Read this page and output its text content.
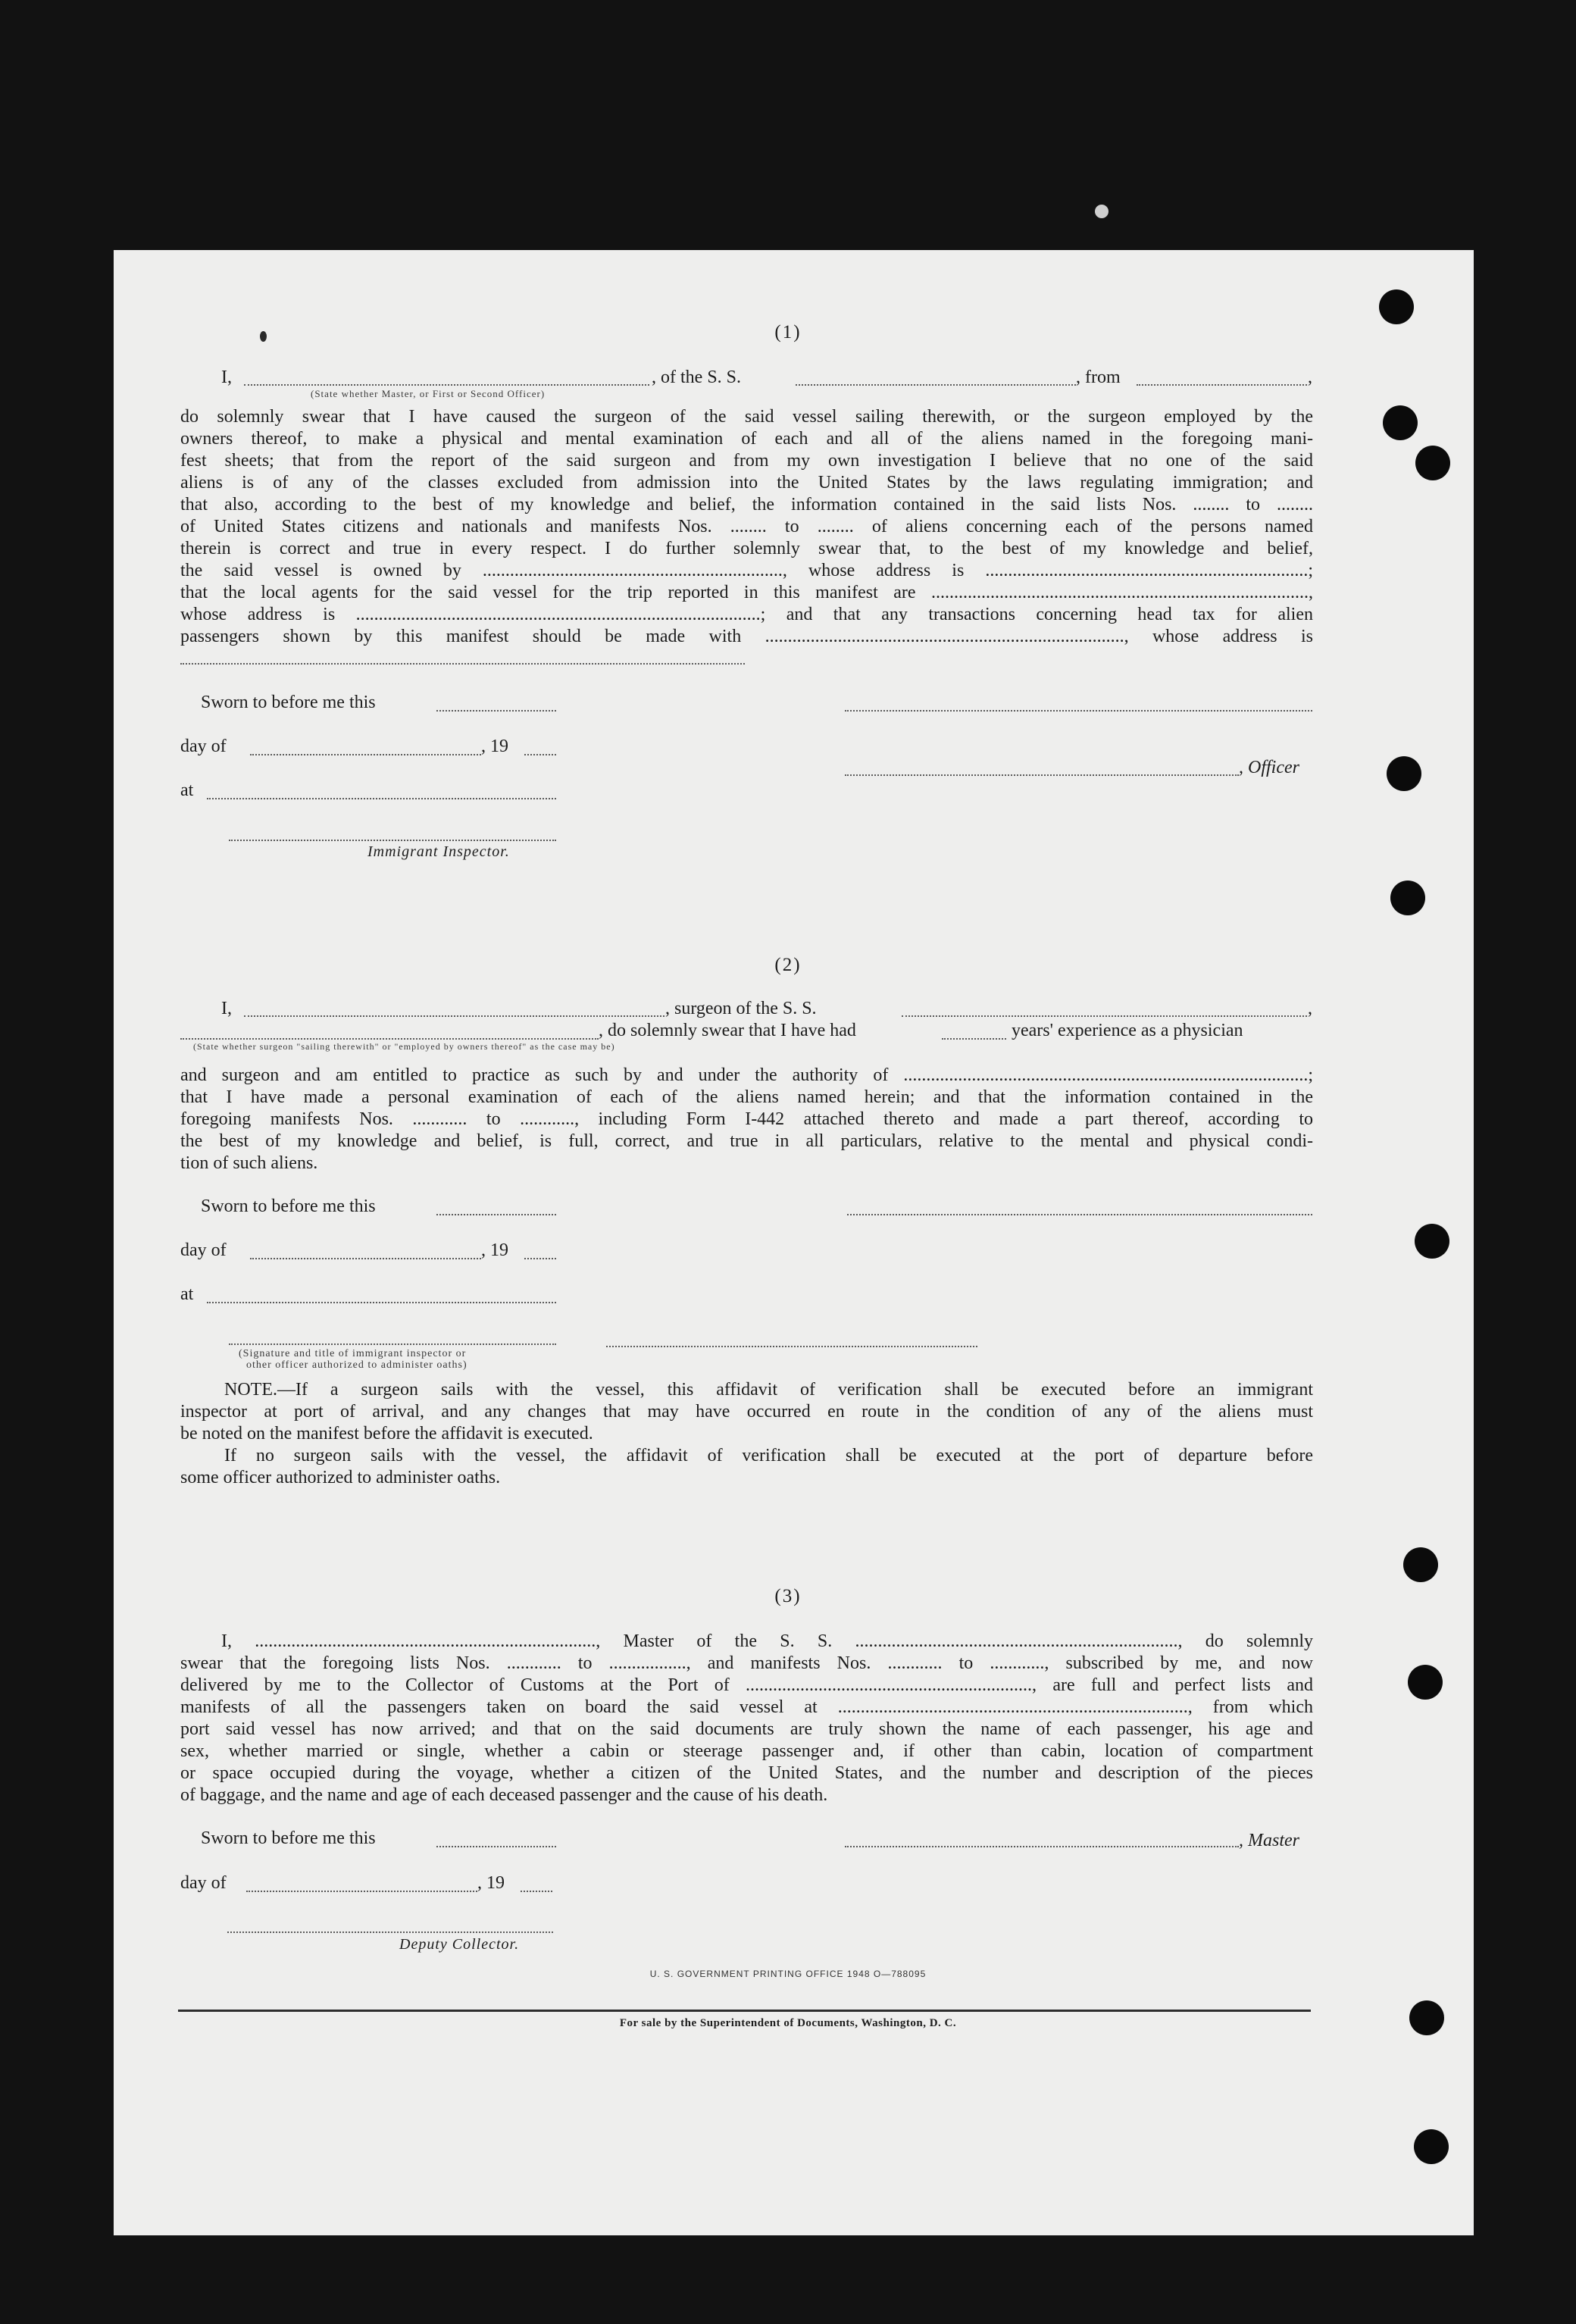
(1)
I,	, of the S. S.	, from	,
(State whether Master, or First or Second Officer)
do solemnly swear that I have caused the surgeon of the said vessel sailing therewith, or the surgeon employed by the
owners thereof, to make a physical and mental examination of each and all of the aliens named in the foregoing mani-
fest sheets; that from the report of the said surgeon and from my own investigation I believe that no one of the said
aliens is of any of the classes excluded from admission into the United States by the laws regulating immigration; and
that also, according to the best of my knowledge and belief, the information contained in the said lists Nos. ........ to ........
of United States citizens and nationals and manifests Nos. ........ to ........ of aliens concerning each of the persons named
therein is correct and true in every respect. I do further solemnly swear that, to the best of my knowledge and belief,
the said vessel is owned by .................................................................., whose address is .......................................................................;
that the local agents for the said vessel for the trip reported in this manifest are ...................................................................................,
whose address is .........................................................................................; and that any transactions concerning head tax for alien
passengers shown by this manifest should be made with ..............................................................................., whose address is
Sworn to before me this
day of	, 19
, Officer
at
Immigrant Inspector.
(2)
I,	, surgeon of the S. S.	,
, do solemnly swear that I have had	years' experience as a physician
(State whether surgeon "sailing therewith" or "employed by owners thereof" as the case may be)
and surgeon and am entitled to practice as such by and under the authority of .........................................................................................;
that I have made a personal examination of each of the aliens named herein; and that the information contained in the
foregoing manifests Nos. ............ to ............, including Form I-442 attached thereto and made a part thereof, according to
the best of my knowledge and belief, is full, correct, and true in all particulars, relative to the mental and physical condi-
tion of such aliens.
Sworn to before me this
day of	, 19
at
(Signature and title of immigrant inspector or
other officer authorized to administer oaths)
NOTE.—If a surgeon sails with the vessel, this affidavit of verification shall be executed before an immigrant
inspector at port of arrival, and any changes that may have occurred en route in the condition of any of the aliens must
be noted on the manifest before the affidavit is executed.
If no surgeon sails with the vessel, the affidavit of verification shall be executed at the port of departure before
some officer authorized to administer oaths.
(3)
I, ..........................................................................., Master of the S. S. ......................................................................., do solemnly
swear that the foregoing lists Nos. ............ to ................., and manifests Nos. ............ to ............, subscribed by me, and now
delivered by me to the Collector of Customs at the Port of ..............................................................., are full and perfect lists and
manifests of all the passengers taken on board the said vessel at ............................................................................., from which
port said vessel has now arrived; and that on the said documents are truly shown the name of each passenger, his age and
sex, whether married or single, whether a cabin or steerage passenger and, if other than cabin, location of compartment
or space occupied during the voyage, whether a citizen of the United States, and the number and description of the pieces
of baggage, and the name and age of each deceased passenger and the cause of his death.
Sworn to before me this	, Master
day of	, 19
Deputy Collector.
U. S. GOVERNMENT PRINTING OFFICE 1948 O—788095
For sale by the Superintendent of Documents, Washington, D. C.
